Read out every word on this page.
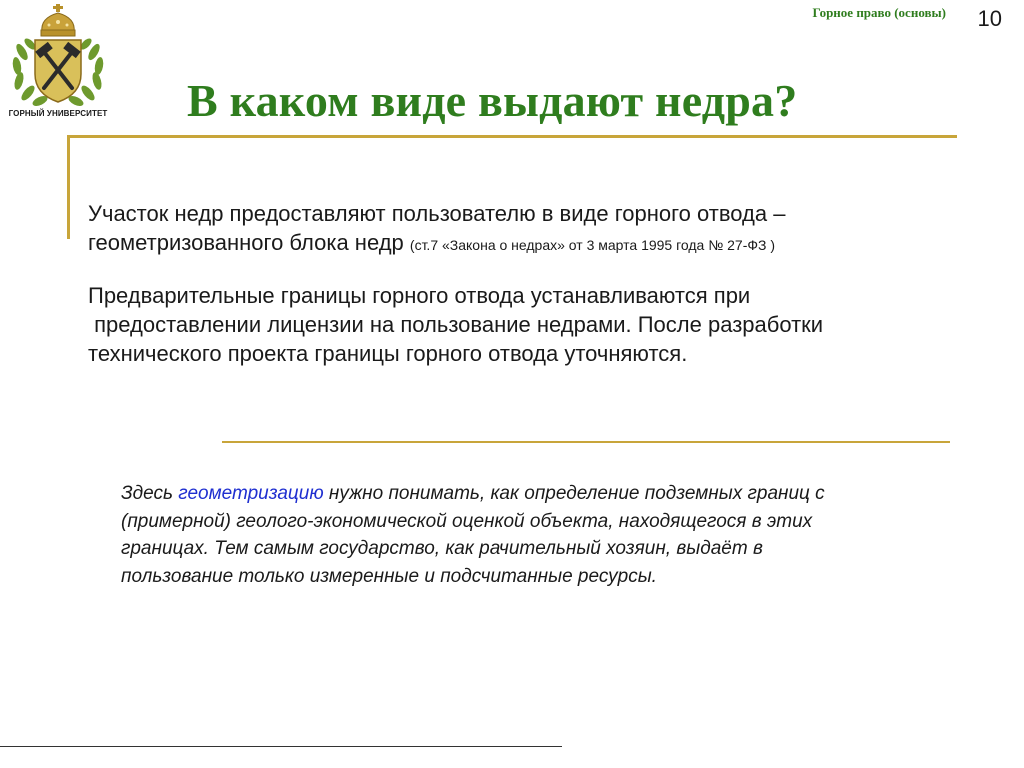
ГОРНЫЙ УНИВЕРСИТЕТ
Горное право (основы) 10
В каком виде выдают недра?
Участок недр предоставляют пользователю в виде горного отвода –
геометризованного блока недр (ст.7 «Закона о недрах» от 3 марта 1995 года № 27-ФЗ )
Предварительные границы горного отвода устанавливаются при
предоставлении лицензии на пользование недрами. После разработки
технического проекта границы горного отвода уточняются.
Здесь геометризацию нужно понимать, как определение подземных границ с
(примерной) геолого-экономической оценкой объекта, находящегося в этих
границах. Тем самым государство, как рачительный хозяин, выдаёт в
пользование только измеренные и подсчитанные ресурсы.
